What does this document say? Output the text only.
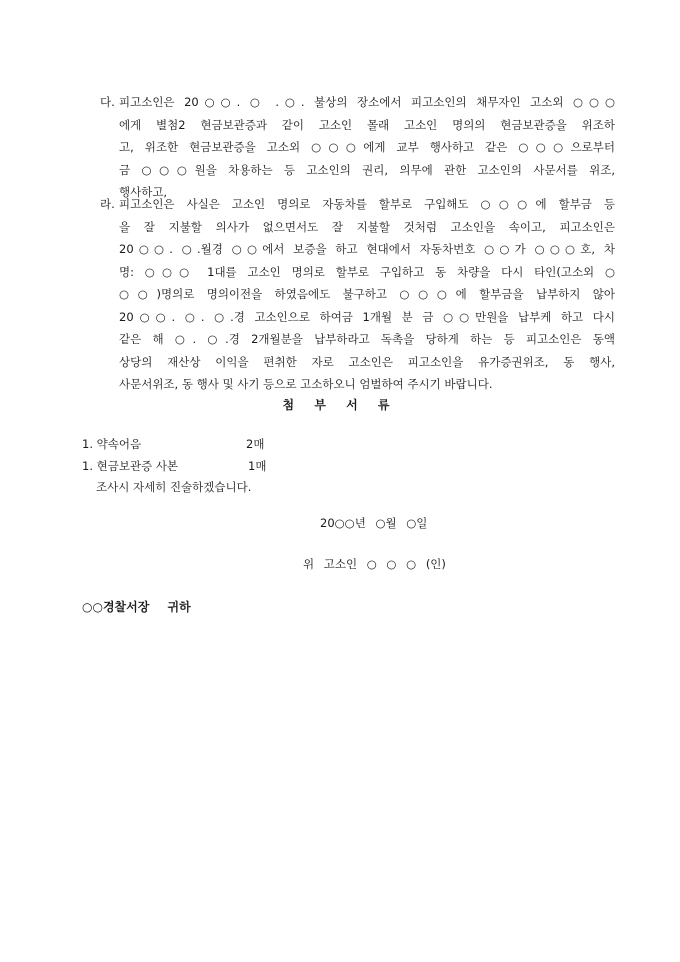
다. 피고소인은 20○○. ○ .○. 불상의 장소에서 피고소인의 채무자인 고소외 ○○○
에게 별첨2 현금보관증과 같이 고소인 몰래 고소인 명의의 현금보관증을 위조하
고, 위조한 현금보관증을 고소외 ○○○에게 교부 행사하고 같은 ○○○으로부터
금 ○○○원을 차용하는 등 고소인의 권리, 의무에 관한 고소인의 사문서를 위조,
행사하고,
라. 피고소인은 사실은 고소인 명의로 자동차를 할부로 구입해도 ○○○에 할부금 등
을 잘 지불할 의사가 없으면서도 잘 지불할 것처럼 고소인을 속이고, 피고소인은
20○○. ○.월경 ○○에서 보증을 하고 현대에서 자동차번호 ○○가 ○○○호, 차
명: ○○○ 1대를 고소인 명의로 할부로 구입하고 동 차량을 다시 타인(고소외 ○
○○)명의로 명의이전을 하였음에도 불구하고 ○○○에 할부금을 납부하지 않아
20○○. ○. ○.경 고소인으로 하여금 1개월 분 금 ○○만원을 납부케 하고 다시
같은 해 ○. ○.경 2개월분을 납부하라고 독촉을 당하게 하는 등 피고소인은 동액
상당의 재산상 이익을 편취한 자로 고소인은 피고소인을 유가증권위조, 동 행사,
사문서위조, 동 행사 및 사기 등으로 고소하오니 엄벌하여 주시기 바랍니다.
첨 부 서 류
1. 약속어음	2매
1. 현금보관증 사본	1매
조사시 자세히 진술하겠습니다.
20○○년 ○월 ○일
위 고소인 ○ ○ ○ (인)
○○경찰서장 귀하
